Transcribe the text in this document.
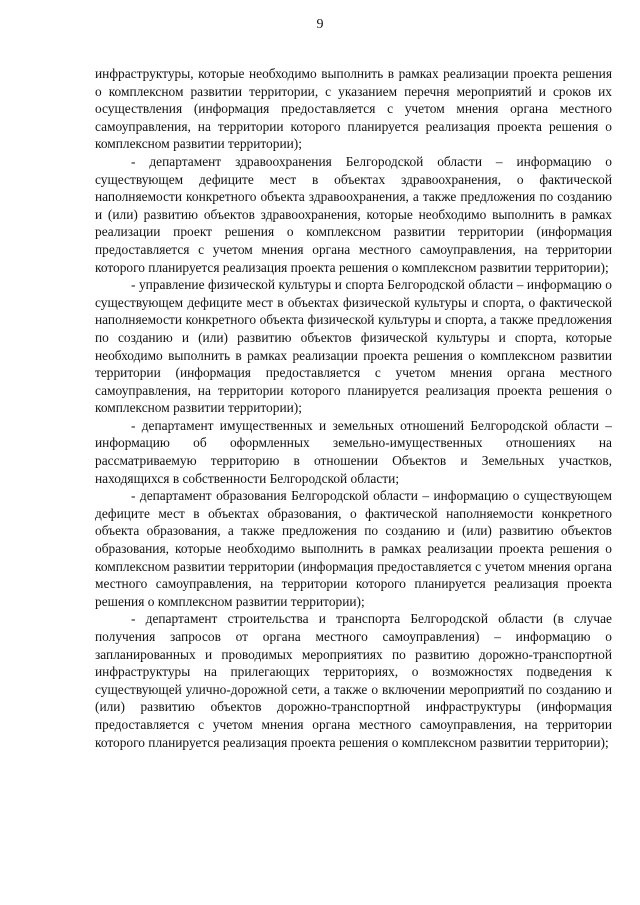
9

инфраструктуры, которые необходимо выполнить в рамках реализации проекта решения о комплексном развитии территории, с указанием перечня мероприятий и сроков их осуществления (информация предоставляется с учетом мнения органа местного самоуправления, на территории которого планируется реализация проекта решения о комплексном развитии территории);

- департамент здравоохранения Белгородской области – информацию о существующем дефиците мест в объектах здравоохранения, о фактической наполняемости конкретного объекта здравоохранения, а также предложения по созданию и (или) развитию объектов здравоохранения, которые необходимо выполнить в рамках реализации проект решения о комплексном развитии территории (информация предоставляется с учетом мнения органа местного самоуправления, на территории которого планируется реализация проекта решения о комплексном развитии территории);

- управление физической культуры и спорта Белгородской области – информацию о существующем дефиците мест в объектах физической культуры и спорта, о фактической наполняемости конкретного объекта физической культуры и спорта, а также предложения по созданию и (или) развитию объектов физической культуры и спорта, которые необходимо выполнить в рамках реализации проекта решения о комплексном развитии территории (информация предоставляется с учетом мнения органа местного самоуправления, на территории которого планируется реализация проекта решения о комплексном развитии территории);

- департамент имущественных и земельных отношений Белгородской области – информацию об оформленных земельно-имущественных отношениях на рассматриваемую территорию в отношении Объектов и Земельных участков, находящихся в собственности Белгородской области;

- департамент образования Белгородской области – информацию о существующем дефиците мест в объектах образования, о фактической наполняемости конкретного объекта образования, а также предложения по созданию и (или) развитию объектов образования, которые необходимо выполнить в рамках реализации проекта решения о комплексном развитии территории (информация предоставляется с учетом мнения органа местного самоуправления, на территории которого планируется реализация проекта решения о комплексном развитии территории);

- департамент строительства и транспорта Белгородской области (в случае получения запросов от органа местного самоуправления) – информацию о запланированных и проводимых мероприятиях по развитию дорожно-транспортной инфраструктуры на прилегающих территориях, о возможностях подведения к существующей улично-дорожной сети, а также о включении мероприятий по созданию и (или) развитию объектов дорожно-транспортной инфраструктуры (информация предоставляется с учетом мнения органа местного самоуправления, на территории которого планируется реализация проекта решения о комплексном развитии территории);
